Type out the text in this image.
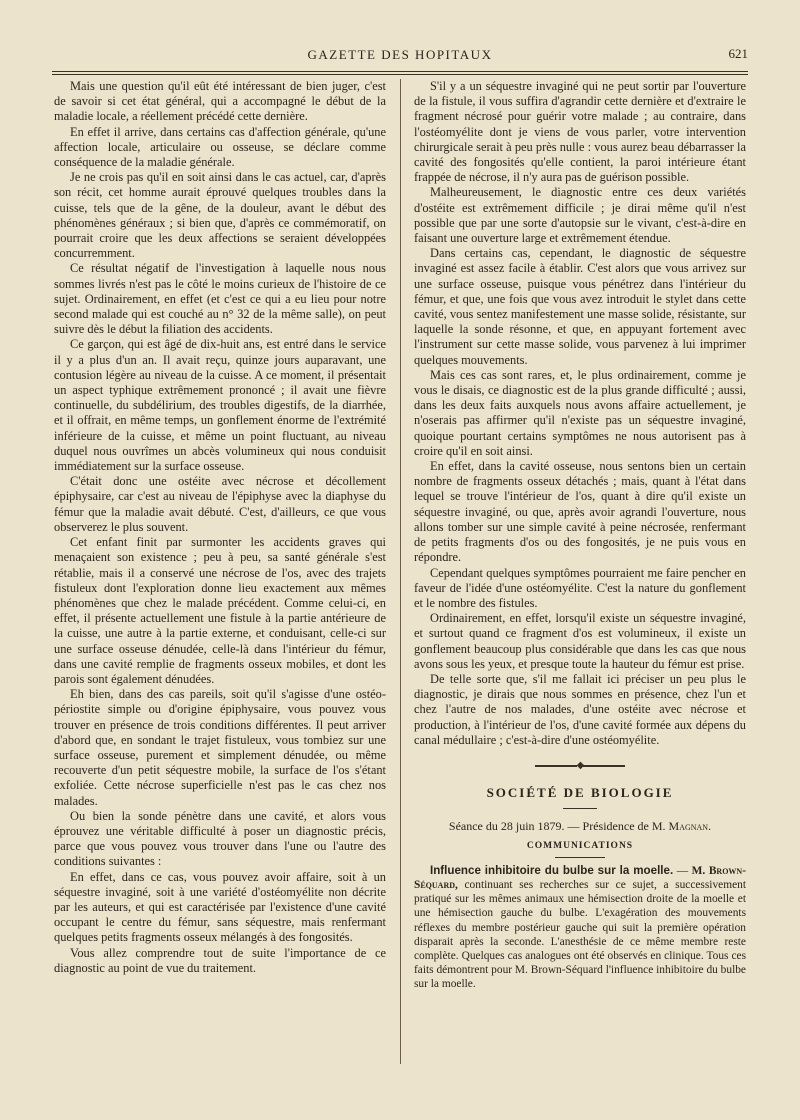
GAZETTE DES HOPITAUX	621

Mais une question qu'il eût été intéressant de bien juger, c'est de savoir si cet état général, qui a accompagné le début de la maladie locale, a réellement précédé cette dernière.

En effet il arrive, dans certains cas d'affection générale, qu'une affection locale, articulaire ou osseuse, se déclare comme conséquence de la maladie générale.

Je ne crois pas qu'il en soit ainsi dans le cas actuel, car, d'après son récit, cet homme aurait éprouvé quelques troubles dans la cuisse, tels que de la gêne, de la douleur, avant le début des phénomènes généraux ; si bien que, d'après ce commémoratif, on pourrait croire que les deux affections se seraient développées concurremment.

Ce résultat négatif de l'investigation à laquelle nous nous sommes livrés n'est pas le côté le moins curieux de l'histoire de ce sujet. Ordinairement, en effet (et c'est ce qui a eu lieu pour notre second malade qui est couché au n° 32 de la même salle), on peut suivre dès le début la filiation des accidents.

Ce garçon, qui est âgé de dix-huit ans, est entré dans le service il y a plus d'un an. Il avait reçu, quinze jours auparavant, une contusion légère au niveau de la cuisse. A ce moment, il présentait un aspect typhique extrêmement prononcé ; il avait une fièvre continuelle, du subdélirium, des troubles digestifs, de la diarrhée, et il offrait, en même temps, un gonflement énorme de l'extrémité inférieure de la cuisse, et même un point fluctuant, au niveau duquel nous ouvrîmes un abcès volumineux qui nous conduisit immédiatement sur la surface osseuse.

C'était donc une ostéite avec nécrose et décollement épiphysaire, car c'est au niveau de l'épiphyse avec la diaphyse du fémur que la maladie avait débuté. C'est, d'ailleurs, ce que vous observerez le plus souvent.

Cet enfant finit par surmonter les accidents graves qui menaçaient son existence ; peu à peu, sa santé générale s'est rétablie, mais il a conservé une nécrose de l'os, avec des trajets fistuleux dont l'exploration donne lieu exactement aux mêmes phénomènes que chez le malade précédent. Comme celui-ci, en effet, il présente actuellement une fistule à la partie antérieure de la cuisse, une autre à la partie externe, et conduisant, celle-ci sur une surface osseuse dénudée, celle-là dans l'intérieur du fémur, dans une cavité remplie de fragments osseux mobiles, et dont les parois sont également dénudées.

Eh bien, dans des cas pareils, soit qu'il s'agisse d'une ostéo-périostite simple ou d'origine épiphysaire, vous pouvez vous trouver en présence de trois conditions différentes. Il peut arriver d'abord que, en sondant le trajet fistuleux, vous tombiez sur une surface osseuse, purement et simplement dénudée, ou même recouverte d'un petit séquestre mobile, la surface de l'os s'étant exfoliée. Cette nécrose superficielle n'est pas le cas chez nos malades.

Ou bien la sonde pénètre dans une cavité, et alors vous éprouvez une véritable difficulté à poser un diagnostic précis, parce que vous pouvez vous trouver dans l'une ou l'autre des conditions suivantes :

En effet, dans ce cas, vous pouvez avoir affaire, soit à un séquestre invaginé, soit à une variété d'ostéomyélite non décrite par les auteurs, et qui est caractérisée par l'existence d'une cavité occupant le centre du fémur, sans séquestre, mais renfermant quelques petits fragments osseux mélangés à des fongosités.

Vous allez comprendre tout de suite l'importance de ce diagnostic au point de vue du traitement.

S'il y a un séquestre invaginé qui ne peut sortir par l'ouverture de la fistule, il vous suffira d'agrandir cette dernière et d'extraire le fragment nécrosé pour guérir votre malade ; au contraire, dans l'ostéomyélite dont je viens de vous parler, votre intervention chirurgicale serait à peu près nulle : vous aurez beau débarrasser la cavité des fongosités qu'elle contient, la paroi intérieure étant frappée de nécrose, il n'y aura pas de guérison possible.

Malheureusement, le diagnostic entre ces deux variétés d'ostéite est extrêmement difficile ; je dirai même qu'il n'est possible que par une sorte d'autopsie sur le vivant, c'est-à-dire en faisant une ouverture large et extrêmement étendue.

Dans certains cas, cependant, le diagnostic de séquestre invaginé est assez facile à établir. C'est alors que vous arrivez sur une surface osseuse, puisque vous pénétrez dans l'intérieur du fémur, et que, une fois que vous avez introduit le stylet dans cette cavité, vous sentez manifestement une masse solide, résistante, sur laquelle la sonde résonne, et que, en appuyant fortement avec l'instrument sur cette masse solide, vous parvenez à lui imprimer quelques mouvements.

Mais ces cas sont rares, et, le plus ordinairement, comme je vous le disais, ce diagnostic est de la plus grande difficulté ; aussi, dans les deux faits auxquels nous avons affaire actuellement, je n'oserais pas affirmer qu'il n'existe pas un séquestre invaginé, quoique pourtant certains symptômes ne nous autorisent pas à croire qu'il en soit ainsi.

En effet, dans la cavité osseuse, nous sentons bien un certain nombre de fragments osseux détachés ; mais, quant à l'état dans lequel se trouve l'intérieur de l'os, quant à dire qu'il existe un séquestre invaginé, ou que, après avoir agrandi l'ouverture, nous allons tomber sur une simple cavité à peine nécrosée, renfermant de petits fragments d'os ou des fongosités, je ne puis vous en répondre.

Cependant quelques symptômes pourraient me faire pencher en faveur de l'idée d'une ostéomyélite. C'est la nature du gonflement et le nombre des fistules.

Ordinairement, en effet, lorsqu'il existe un séquestre invaginé, et surtout quand ce fragment d'os est volumineux, il existe un gonflement beaucoup plus considérable que dans les cas que nous avons sous les yeux, et presque toute la hauteur du fémur est prise.

De telle sorte que, s'il me fallait ici préciser un peu plus le diagnostic, je dirais que nous sommes en présence, chez l'un et chez l'autre de nos malades, d'une ostéite avec nécrose et production, à l'intérieur de l'os, d'une cavité formée aux dépens du canal médullaire ; c'est-à-dire d'une ostéomyélite.

◆
SOCIÉTÉ DE BIOLOGIE
Séance du 28 juin 1879. — Présidence de M. Magnan.
COMMUNICATIONS

Influence inhibitoire du bulbe sur la moelle. — M. Brown-Séquard, continuant ses recherches sur ce sujet, a successivement pratiqué sur les mêmes animaux une hémisection droite de la moelle et une hémisection gauche du bulbe. L'exagération des mouvements réflexes du membre postérieur gauche qui suit la première opération disparait après la seconde. L'anesthésie de ce même membre reste complète. Quelques cas analogues ont été observés en clinique. Tous ces faits démontrent pour M. Brown-Séquard l'influence inhibitoire du bulbe sur la moelle.
